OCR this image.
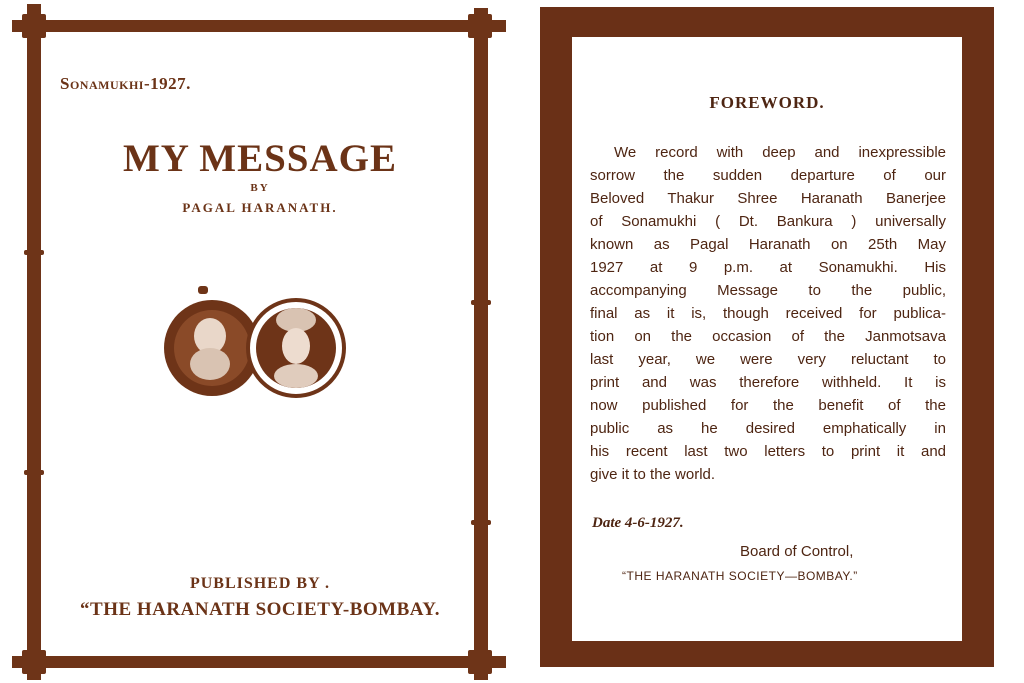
Sonamukhi-1927.
MY MESSAGE
BY
PAGAL HARANATH.
PUBLISHED BY .
“THE HARANATH SOCIETY-BOMBAY.
FOREWORD.
We record with deep and inexpressible
sorrow the sudden departure of our
Beloved Thakur Shree Haranath Banerjee
of Sonamukhi ( Dt. Bankura ) universally
known as Pagal Haranath on 25th May
1927 at 9 p.m. at Sonamukhi. His
accompanying Message to the public,
final as it is, though received for publica-
tion on the occasion of the Janmotsava
last year, we were very reluctant to
print and was therefore withheld. It is
now published for the benefit of the
public as he desired emphatically in
his recent last two letters to print it and
give it to the world.
Date 4-6-1927.
Board of Control,
“THE HARANATH SOCIETY—BOMBAY.”
